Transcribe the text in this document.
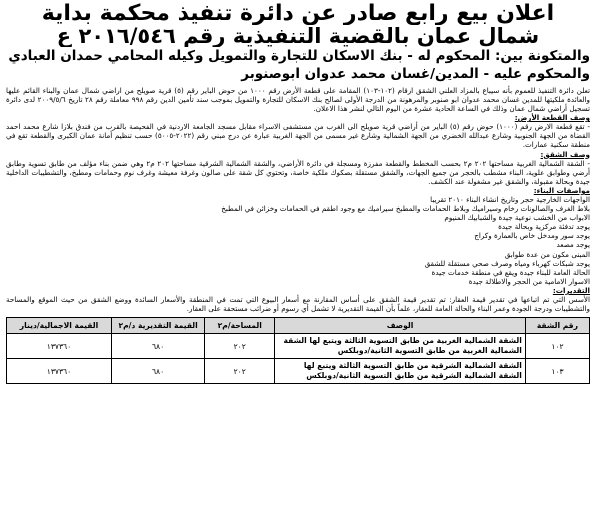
اعلان بيع رابع صادر عن دائرة تنفيذ محكمة بداية
شمال عمان بالقضية التنفيذية رقم ٢٠١٦/٥٤٦ ع

والمتكونة بين: المحكوم له - بنك الاسكان للتجارة والتمويل وكيله المحامي حمدان العبادي

والمحكوم عليه - المدين/غسان محمد عدوان ابوصنوبر

تعلن دائرة التنفيذ للعموم بأنه سيباع بالمزاد العلني الشقق ارقام (١٠٢-١٠٣) المقامة على قطعة الأرض رقم ١٠٠٠ من حوض الباير رقم (٥) قرية صويلح من اراضي شمال عمان والبناء القائم عليها والعائدة ملكيتها للمدين غسان محمد عدوان ابو صنوبر والمرهونة من الدرجة الأولى لصالح بنك الاسكان للتجارة والتمويل بموجب سند تأمين الدين رقم ٩٩٨ معاملة رقم ٢٨ تاريخ ٢٠٠٩/٥/٦ لدى دائرة تسجيل أراضي شمال عمان وذلك في الساعة الحادية عشرة من اليوم التالي لنشر هذا الاعلان.

وصف القطعة الأرض:

- تقع قطعة الارض رقم (١٠٠٠) حوض رقم (٥) الباير من أراضي قرية صويلح الى الغرب من مستشفى الاسراء مقابل مسجد الجامعة الاردنية في الفحيصة بالقرب من فندق بلازا شارع محمد احمد القضاة من الجهة الجنوبية وشارع عبدالله الخضري من الجهة الشمالية وشارع غير مسمى من الجهة الغربية عبارة عن درج مبني رقم (٢٠٢٢-٥٠٠٥) حسب تنظيم أمانة عمان الكبرى والقطعة تقع في منطقة سكنية عمارات.

وصف الشقق:

- الشقة الشمالية الغربية مساحتها ٢٠٢ م٢ بحسب المخطط والقطعة مفرزة ومسجلة في دائرة الأراضي، والشقة الشمالية الشرقية مساحتها ٢٠٢ م٢ وهي ضمن بناء مؤلف من طابق تسوية وطابق أرضي وطوابق علوية، البناء مشطب بالحجر من جميع الجهات، والشقق مستقلة بصكوك ملكية خاصة، وتحتوي كل شقة على صالون وغرفة معيشة وغرف نوم وحمامات ومطبخ، والتشطيبات الداخلية جيدة وبحالة مقبولة، والشقق غير مشغولة عند الكشف.

مواصفات البناء:

الواجهات الخارجية حجر وتاريخ انشاء البناء ٢٠١٠ تقريبا

بلاط الغرف والصالونات رخام وسيراميك وبلاط الحمامات والمطبخ سيراميك مع وجود اطقم في الحمامات وخزائن في المطبخ

الابواب من الخشب نوعية جيدة والشبابيك المنيوم

يوجد تدفئة مركزية وبحالة جيدة

يوجد سور ومدخل خاص بالعمارة وكراج

يوجد مصعد

المبنى مكون من عدة طوابق

يوجد شبكات كهرباء ومياه وصرف صحي مستقلة للشقق

الحالة العامة للبناء جيدة ويقع في منطقة خدمات جيدة

الاسوار الامامية من الحجر والاطلالة جيدة

التقديرات:

الأسس التي تم اتباعها في تقدير قيمة العقار: تم تقدير قيمة الشقق على أساس المقارنة مع أسعار البيوع التي تمت في المنطقة والأسعار السائدة ووضع الشقق من حيث الموقع والمساحة والتشطيبات ودرجة الجودة وعمر البناء والحالة العامة للعقار، علماً بأن القيمة التقديرية لا تشمل أي رسوم أو ضرائب مستحقة على العقار.

رقم الشقة	الوصف	المساحة/م٢	القيمة التقديرية د/م٢	القيمة الاجمالية/دينار
١٠٢	الشقة الشمالية الغربية من طابق التسوية الثالثة ويتبع لها الشقة الشمالية الغربية من طابق التسوية الثانية/دوبلكس	٢٠٢	٦٨٠	١٣٧٣٦٠
١٠٣	الشقة الشمالية الشرقية من طابق التسوية الثالثة ويتبع لها الشقة الشمالية الشرقية من طابق التسوية الثانية/دوبلكس	٢٠٢	٦٨٠	١٣٧٣٦٠
